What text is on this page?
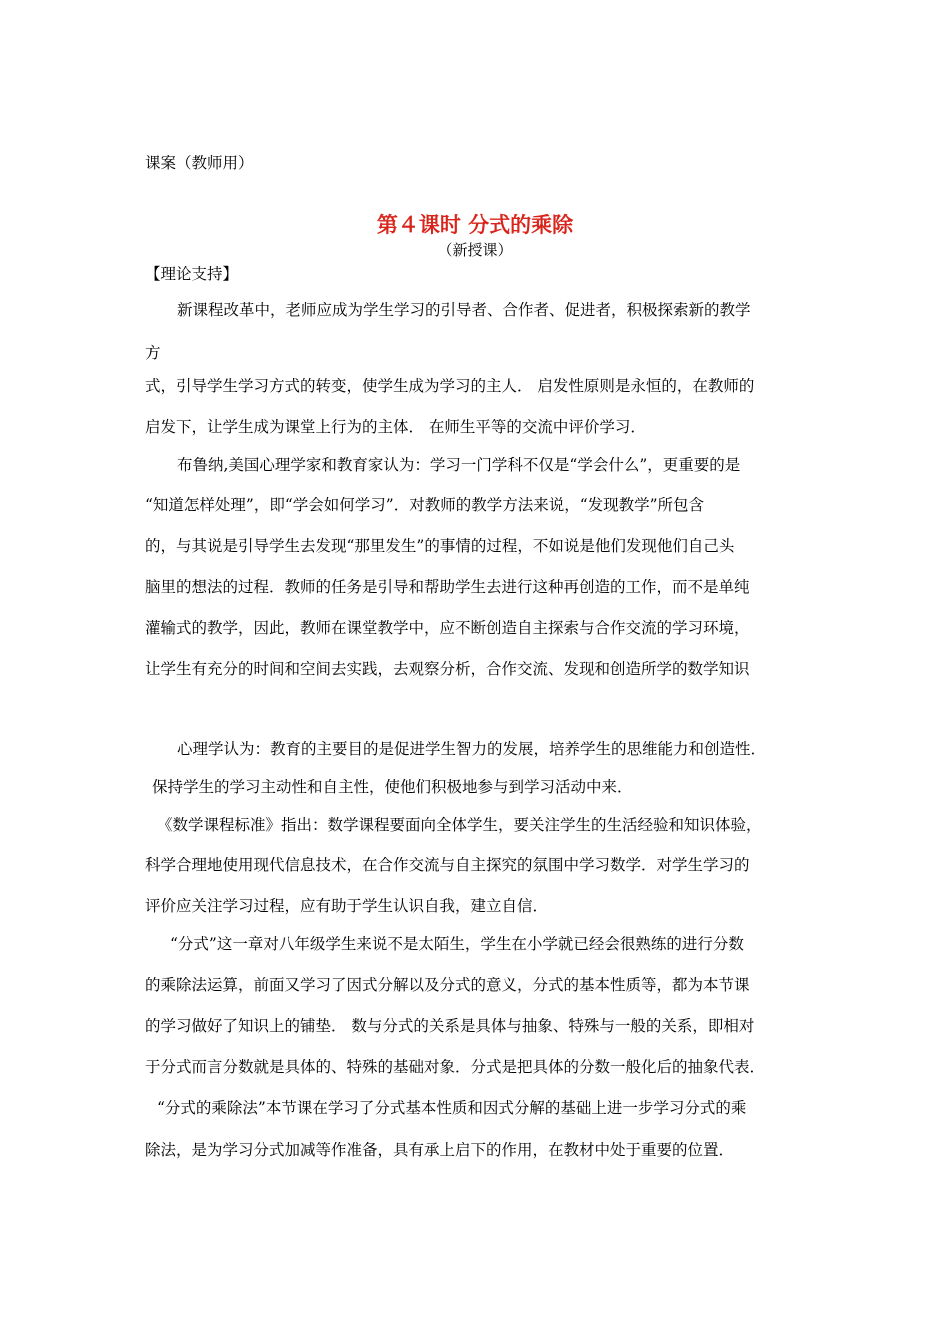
课案（教师用）
第４课时 分式的乘除
（新授课）
【理论支持】
新课程改革中，老师应成为学生学习的引导者、合作者、促进者，积极探索新的教学
方
式，引导学生学习方式的转变，使学生成为学习的主人． 启发性原则是永恒的，在教师的
启发下，让学生成为课堂上行为的主体． 在师生平等的交流中评价学习．
布鲁纳,美国心理学家和教育家认为：学习一门学科不仅是“学会什么”，更重要的是
“知道怎样处理”，即“学会如何学习”．对教师的教学方法来说，“发现教学”所包含
的，与其说是引导学生去发现“那里发生”的事情的过程，不如说是他们发现他们自己头
脑里的想法的过程．教师的任务是引导和帮助学生去进行这种再创造的工作，而不是单纯
灌输式的教学，因此，教师在课堂教学中，应不断创造自主探索与合作交流的学习环境，
让学生有充分的时间和空间去实践，去观察分析，合作交流、发现和创造所学的数学知识
心理学认为：教育的主要目的是促进学生智力的发展，培养学生的思维能力和创造性．
保持学生的学习主动性和自主性，使他们积极地参与到学习活动中来．
《数学课程标准》指出：数学课程要面向全体学生，要关注学生的生活经验和知识体验，
科学合理地使用现代信息技术，在合作交流与自主探究的氛围中学习数学．对学生学习的
评价应关注学习过程，应有助于学生认识自我，建立自信．
“分式”这一章对八年级学生来说不是太陌生，学生在小学就已经会很熟练的进行分数
的乘除法运算，前面又学习了因式分解以及分式的意义，分式的基本性质等，都为本节课
的学习做好了知识上的铺垫． 数与分式的关系是具体与抽象、特殊与一般的关系，即相对
于分式而言分数就是具体的、特殊的基础对象．分式是把具体的分数一般化后的抽象代表．
“分式的乘除法”本节课在学习了分式基本性质和因式分解的基础上进一步学习分式的乘
除法，是为学习分式加减等作准备，具有承上启下的作用，在教材中处于重要的位置．
